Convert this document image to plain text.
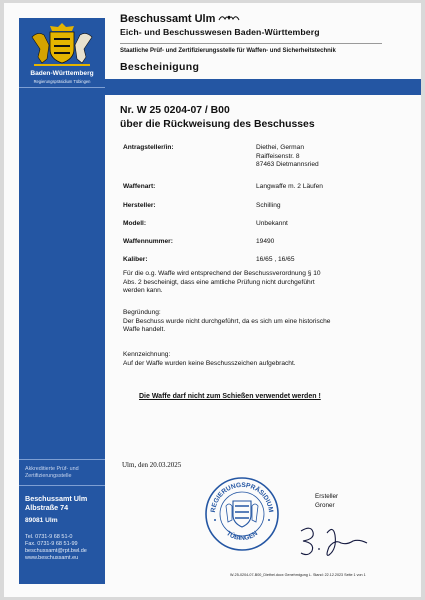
Baden-Württemberg
Regierungspräsidium Tübingen
Akkreditierte Prüf- und
Zertifizierungsstelle
Beschussamt Ulm
Albstraße 74
89081 Ulm
Tel. 0731-9 68 51-0
Fax. 0731-9 68 51-99
beschussamt@rpt.bwl.de
www.beschussamt.eu
Beschussamt Ulm
Eich- und Beschusswesen Baden-Württemberg
Staatliche Prüf- und Zertifizierungsstelle für Waffen- und Sicherheitstechnik
Bescheinigung
Nr. W 25 0204-07 / B00
über die Rückweisung des Beschusses
Antragsteller/in:	Diethei, German
Raiffeisenstr. 8
87463 Dietmannsried
Waffenart:	Langwaffe m. 2 Läufen
Hersteller:	Schilling
Modell:	Unbekannt
Waffennummer:	19490
Kaliber:	16/65 , 16/65
Für die o.g. Waffe wird entsprechend der Beschussverordnung § 10
Abs. 2 bescheinigt, dass eine amtliche Prüfung nicht durchgeführt
werden kann.
Begründung:
Der Beschuss wurde nicht durchgeführt, da es sich um eine historische
Waffe handelt.
Kennzeichnung:
Auf der Waffe wurden keine Beschusszeichen aufgebracht.
Die Waffe darf nicht zum Schießen verwendet werden !
Ulm, den 20.03.2025
REGIERUNGSPRÄSIDIUM
TÜBINGEN
Ersteller
Groner
W-25-0204-07-B00_Diethei.docx Genehmigung L. Stand: 22.12.2023 Seite 1 von 1
